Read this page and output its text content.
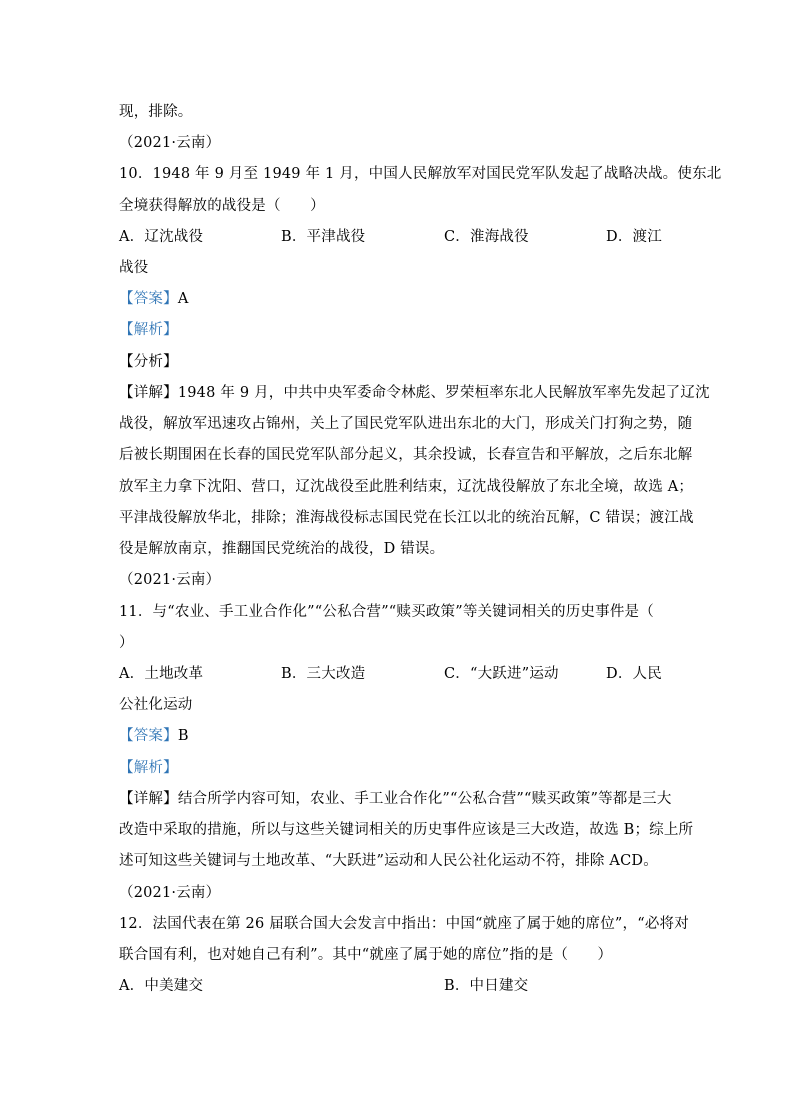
现，排除。
（2021·云南）
10．1948 年 9 月至 1949 年 1 月，中国人民解放军对国民党军队发起了战略决战。使东北
全境获得解放的战役是（　　）
A．辽沈战役	B．平津战役	C．淮海战役	D．渡江
战役
【答案】A
【解析】
【分析】
【详解】1948 年 9 月，中共中央军委命令林彪、罗荣桓率东北人民解放军率先发起了辽沈
战役，解放军迅速攻占锦州，关上了国民党军队进出东北的大门，形成关门打狗之势，随
后被长期围困在长春的国民党军队部分起义，其余投诚，长春宣告和平解放，之后东北解
放军主力拿下沈阳、营口，辽沈战役至此胜利结束，辽沈战役解放了东北全境，故选 A；
平津战役解放华北，排除；淮海战役标志国民党在长江以北的统治瓦解，C 错误；渡江战
役是解放南京，推翻国民党统治的战役，D 错误。
（2021·云南）
11．与“农业、手工业合作化”“公私合营”“赎买政策”等关键词相关的历史事件是（
）
A．土地改革	B．三大改造	C．“大跃进”运动	D．人民
公社化运动
【答案】B
【解析】
【详解】结合所学内容可知，农业、手工业合作化”“公私合营”“赎买政策”等都是三大
改造中采取的措施，所以与这些关键词相关的历史事件应该是三大改造，故选 B；综上所
述可知这些关键词与土地改革、“大跃进”运动和人民公社化运动不符，排除 ACD。
（2021·云南）
12．法国代表在第 26 届联合国大会发言中指出：中国“就座了属于她的席位”，“必将对
联合国有利，也对她自己有利”。其中“就座了属于她的席位”指的是（　　）
A．中美建交	B．中日建交
